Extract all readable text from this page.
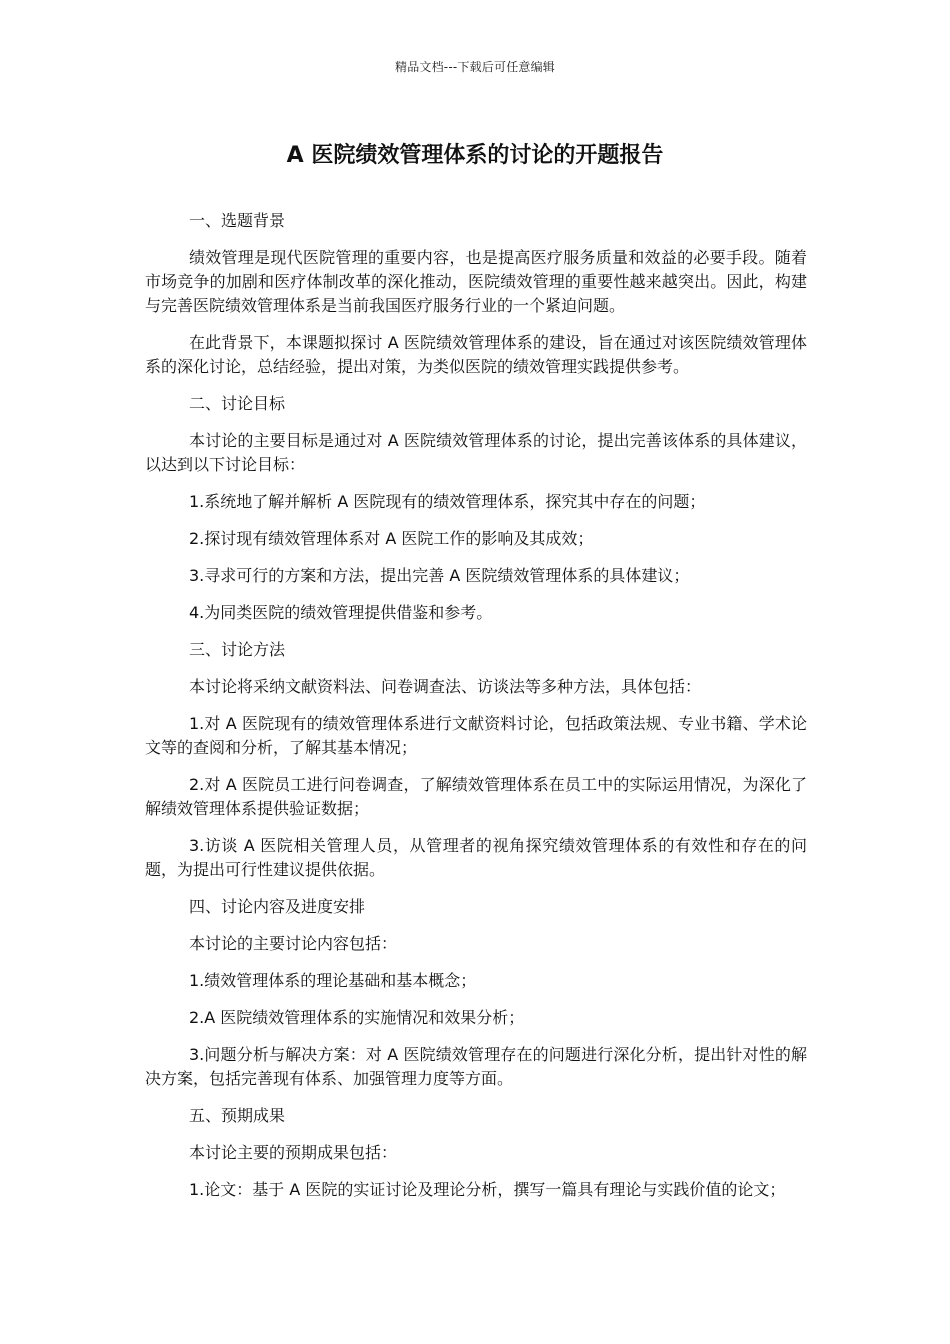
精品文档---下载后可任意编辑
A 医院绩效管理体系的讨论的开题报告

一、选题背景

绩效管理是现代医院管理的重要内容，也是提高医疗服务质量和效益的必要手段。随着市场竞争的加剧和医疗体制改革的深化推动，医院绩效管理的重要性越来越突出。因此，构建与完善医院绩效管理体系是当前我国医疗服务行业的一个紧迫问题。

在此背景下，本课题拟探讨 A 医院绩效管理体系的建设，旨在通过对该医院绩效管理体系的深化讨论，总结经验，提出对策，为类似医院的绩效管理实践提供参考。

二、讨论目标

本讨论的主要目标是通过对 A 医院绩效管理体系的讨论，提出完善该体系的具体建议，以达到以下讨论目标：

1.系统地了解并解析 A 医院现有的绩效管理体系，探究其中存在的问题；

2.探讨现有绩效管理体系对 A 医院工作的影响及其成效；

3.寻求可行的方案和方法，提出完善 A 医院绩效管理体系的具体建议；

4.为同类医院的绩效管理提供借鉴和参考。

三、讨论方法

本讨论将采纳文献资料法、问卷调查法、访谈法等多种方法，具体包括：

1.对 A 医院现有的绩效管理体系进行文献资料讨论，包括政策法规、专业书籍、学术论文等的查阅和分析，了解其基本情况；

2.对 A 医院员工进行问卷调查，了解绩效管理体系在员工中的实际运用情况，为深化了解绩效管理体系提供验证数据；

3.访谈 A 医院相关管理人员，从管理者的视角探究绩效管理体系的有效性和存在的问题，为提出可行性建议提供依据。

四、讨论内容及进度安排

本讨论的主要讨论内容包括：

1.绩效管理体系的理论基础和基本概念；

2.A 医院绩效管理体系的实施情况和效果分析；

3.问题分析与解决方案：对 A 医院绩效管理存在的问题进行深化分析，提出针对性的解决方案，包括完善现有体系、加强管理力度等方面。

五、预期成果

本讨论主要的预期成果包括：

1.论文：基于 A 医院的实证讨论及理论分析，撰写一篇具有理论与实践价值的论文；
